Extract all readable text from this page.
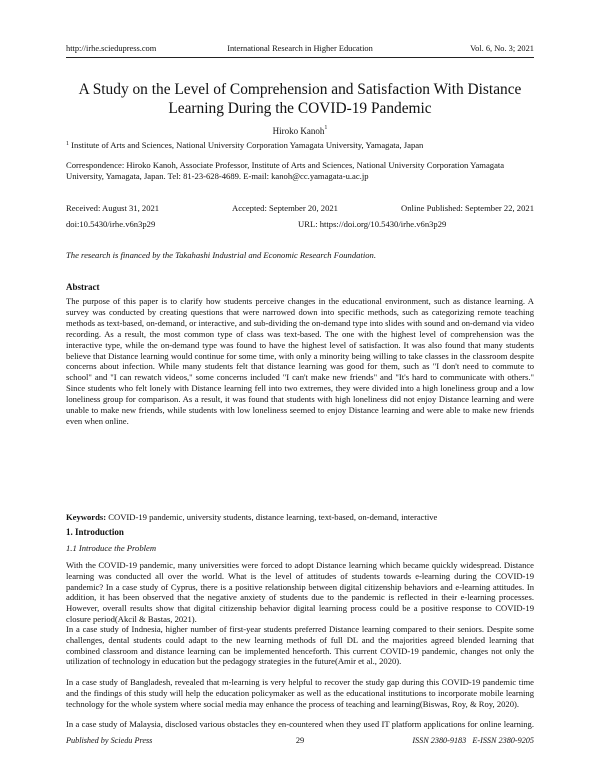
http://irhe.sciedupress.com	International Research in Higher Education	Vol. 6, No. 3; 2021
A Study on the Level of Comprehension and Satisfaction With Distance Learning During the COVID-19 Pandemic
Hiroko Kanoh$^1$
$^1$ Institute of Arts and Sciences, National University Corporation Yamagata University, Yamagata, Japan
Correspondence: Hiroko Kanoh, Associate Professor, Institute of Arts and Sciences, National University Corporation Yamagata University, Yamagata, Japan. Tel: 81-23-628-4689. E-mail: kanoh@cc.yamagata-u.ac.jp
Received: August 31, 2021	Accepted: September 20, 2021	Online Published: September 22, 2021
doi:10.5430/irhe.v6n3p29	URL: https://doi.org/10.5430/irhe.v6n3p29
The research is financed by the Takahashi Industrial and Economic Research Foundation.
Abstract
The purpose of this paper is to clarify how students perceive changes in the educational environment, such as distance learning. A survey was conducted by creating questions that were narrowed down into specific methods, such as categorizing remote teaching methods as text-based, on-demand, or interactive, and sub-dividing the on-demand type into slides with sound and on-demand via video recording. As a result, the most common type of class was text-based. The one with the highest level of comprehension was the interactive type, while the on-demand type was found to have the highest level of satisfaction. It was also found that many students believe that Distance learning would continue for some time, with only a minority being willing to take classes in the classroom despite concerns about infection. While many students felt that distance learning was good for them, such as "I don't need to commute to school" and "I can rewatch videos," some concerns included "I can't make new friends" and "It's hard to communicate with others." Since students who felt lonely with Distance learning fell into two extremes, they were divided into a high loneliness group and a low loneliness group for comparison. As a result, it was found that students with high loneliness did not enjoy Distance learning and were unable to make new friends, while students with low loneliness seemed to enjoy Distance learning and were able to make new friends even when online.
Keywords: COVID-19 pandemic, university students, distance learning, text-based, on-demand, interactive
1. Introduction
1.1 Introduce the Problem
With the COVID-19 pandemic, many universities were forced to adopt Distance learning which became quickly widespread. Distance learning was conducted all over the world. What is the level of attitudes of students towards e-learning during the COVID-19 pandemic? In a case study of Cyprus, there is a positive relationship between digital citizenship behaviors and e-learning attitudes. In addition, it has been observed that the negative anxiety of students due to the pandemic is reflected in their e-learning processes. However, overall results show that digital citizenship behavior digital learning process could be a positive response to COVID-19 closure period(Akcil & Bastas, 2021).
In a case study of Indnesia, higher number of first-year students preferred Distance learning compared to their seniors. Despite some challenges, dental students could adapt to the new learning methods of full DL and the majorities agreed blended learning that combined classroom and distance learning can be implemented henceforth. This current COVID-19 pandemic, changes not only the utilization of technology in education but the pedagogy strategies in the future(Amir et al., 2020).
In a case study of Bangladesh, revealed that m-learning is very helpful to recover the study gap during this COVID-19 pandemic time and the findings of this study will help the education policymaker as well as the educational institutions to incorporate mobile learning technology for the whole system where social media may enhance the process of teaching and learning(Biswas, Roy, & Roy, 2020).
In a case study of Malaysia, disclosed various obstacles they en-countered when they used IT platform applications for online learning.
Published by Sciedu Press	29	ISSN 2380-9183   E-ISSN 2380-9205
